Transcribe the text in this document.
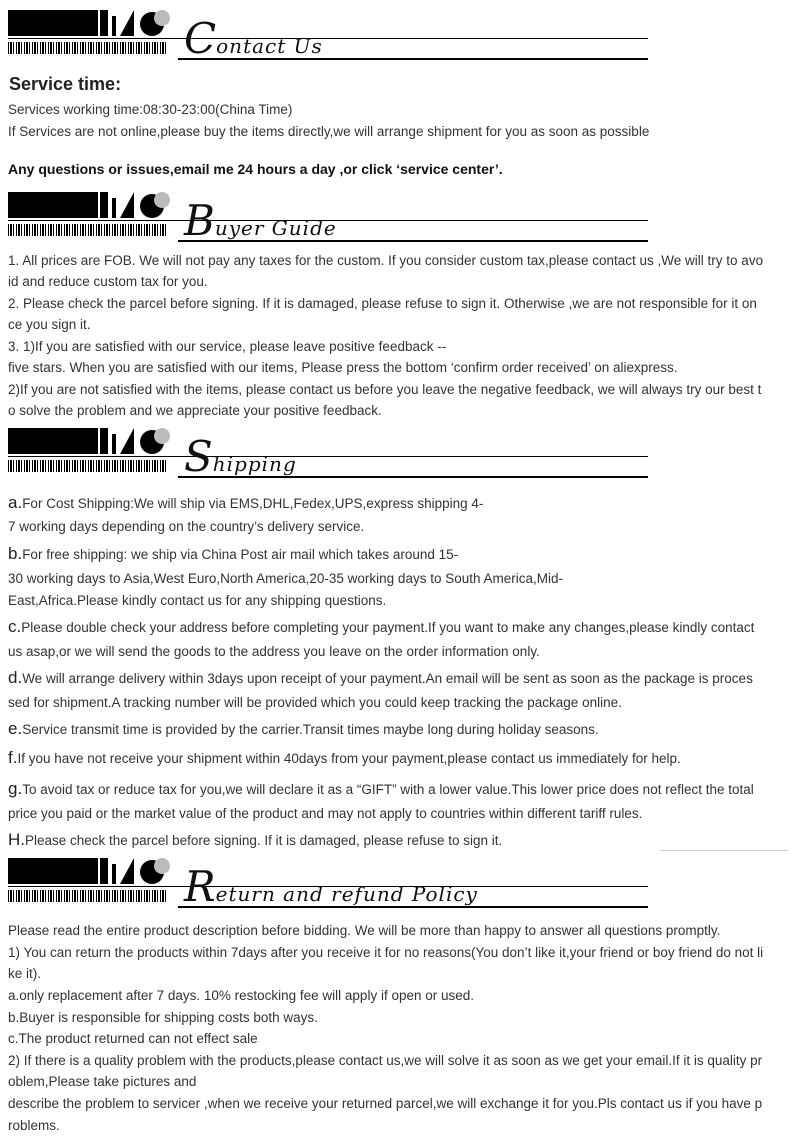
Contact Us
Service time:
Services working time:08:30-23:00(China Time)
If Services are not online,please buy the items directly,we will arrange shipment for you as soon as possible
Any questions or issues,email me 24 hours a day ,or click ‘service center’.
Buyer Guide
1. All prices are FOB. We will not pay any taxes for the custom. If you consider custom tax,please contact us ,We will try to avo
id and reduce custom tax for you.
2. Please check the parcel before signing. If it is damaged, please refuse to sign it. Otherwise ,we are not responsible for it on
ce you sign it.
3. 1)If you are satisfied with our service, please leave positive feedback --
five stars. When you are satisfied with our items, Please press the bottom ‘confirm order received’ on aliexpress.
2)If you are not satisfied with the items, please contact us before you leave the negative feedback, we will always try our best t
o solve the problem and we appreciate your positive feedback.
Shipping
a.For Cost Shipping:We will ship via EMS,DHL,Fedex,UPS,express shipping 4-
7 working days depending on the country’s delivery service.
b.For free shipping: we ship via China Post air mail which takes around 15-
30 working days to Asia,West Euro,North America,20-35 working days to South America,Mid-
East,Africa.Please kindly contact us for any shipping questions.
c.Please double check your address before completing your payment.If you want to make any changes,please kindly contact
us asap,or we will send the goods to the address you leave on the order information only.
d.We will arrange delivery within 3days upon receipt of your payment.An email will be sent as soon as the package is proces
sed for shipment.A tracking number will be provided which you could keep tracking the package online.
e.Service transmit time is provided by the carrier.Transit times maybe long during holiday seasons.
f.If you have not receive your shipment within 40days from your payment,please contact us immediately for help.
g.To avoid tax or reduce tax for you,we will declare it as a “GIFT” with a lower value.This lower price does not reflect the total
price you paid or the market value of the product and may not apply to countries within different tariff rules.
H.Please check the parcel before signing. If it is damaged, please refuse to sign it.
Return and refund Policy
Please read the entire product description before bidding. We will be more than happy to answer all questions promptly.
1) You can return the products within 7days after you receive it for no reasons(You don’t like it,your friend or boy friend do not li
ke it).
a.only replacement after 7 days. 10% restocking fee will apply if open or used.
b.Buyer is responsible for shipping costs both ways.
c.The product returned can not effect sale
2) If there is a quality problem with the products,please contact us,we will solve it as soon as we get your email.If it is quality pr
oblem,Please take pictures and
describe the problem to servicer ,when we receive your returned parcel,we will exchange it for you.Pls contact us if you have p
roblems.
